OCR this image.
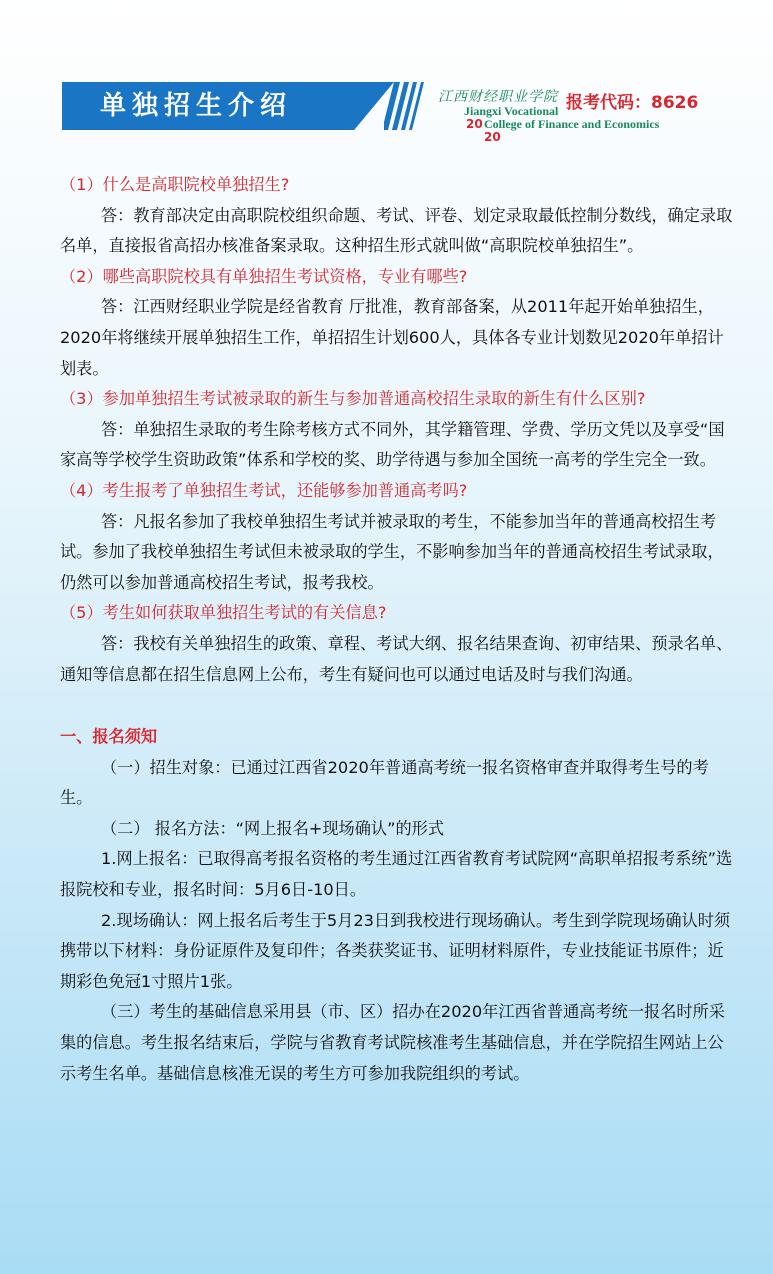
单独招生介绍	江西财经职业学院
Jiangxi Vocational
20 College of Finance and Economics
20
报考代码：8626

（1）什么是高职院校单独招生?

答：教育部决定由高职院校组织命题、考试、评卷、划定录取最低控制分数线，确定录取名单，直接报省高招办核准备案录取。这种招生形式就叫做“高职院校单独招生”。

（2）哪些高职院校具有单独招生考试资格，专业有哪些?

答：江西财经职业学院是经省教育 厅批准，教育部备案，从2011年起开始单独招生，2020年将继续开展单独招生工作，单招招生计划600人，具体各专业计划数见2020年单招计划表。

（3）参加单独招生考试被录取的新生与参加普通高校招生录取的新生有什么区别?

答：单独招生录取的考生除考核方式不同外，其学籍管理、学费、学历文凭以及享受“国家高等学校学生资助政策”体系和学校的奖、助学待遇与参加全国统一高考的学生完全一致。

（4）考生报考了单独招生考试，还能够参加普通高考吗?

答：凡报名参加了我校单独招生考试并被录取的考生，不能参加当年的普通高校招生考试。参加了我校单独招生考试但未被录取的学生，不影响参加当年的普通高校招生考试录取，仍然可以参加普通高校招生考试，报考我校。

（5）考生如何获取单独招生考试的有关信息?

答：我校有关单独招生的政策、章程、考试大纲、报名结果查询、初审结果、预录名单、通知等信息都在招生信息网上公布，考生有疑问也可以通过电话及时与我们沟通。

一、报名须知

（一）招生对象：已通过江西省2020年普通高考统一报名资格审查并取得考生号的考生。

（二） 报名方法：“网上报名+现场确认”的形式

1.网上报名：已取得高考报名资格的考生通过江西省教育考试院网“高职单招报考系统”选报院校和专业，报名时间：5月6日-10日。

2.现场确认：网上报名后考生于5月23日到我校进行现场确认。考生到学院现场确认时须携带以下材料：身份证原件及复印件；各类获奖证书、证明材料原件，专业技能证书原件；近期彩色免冠1寸照片1张。

（三）考生的基础信息采用县（市、区）招办在2020年江西省普通高考统一报名时所采集的信息。考生报名结束后，学院与省教育考试院核准考生基础信息，并在学院招生网站上公示考生名单。基础信息核准无误的考生方可参加我院组织的考试。
